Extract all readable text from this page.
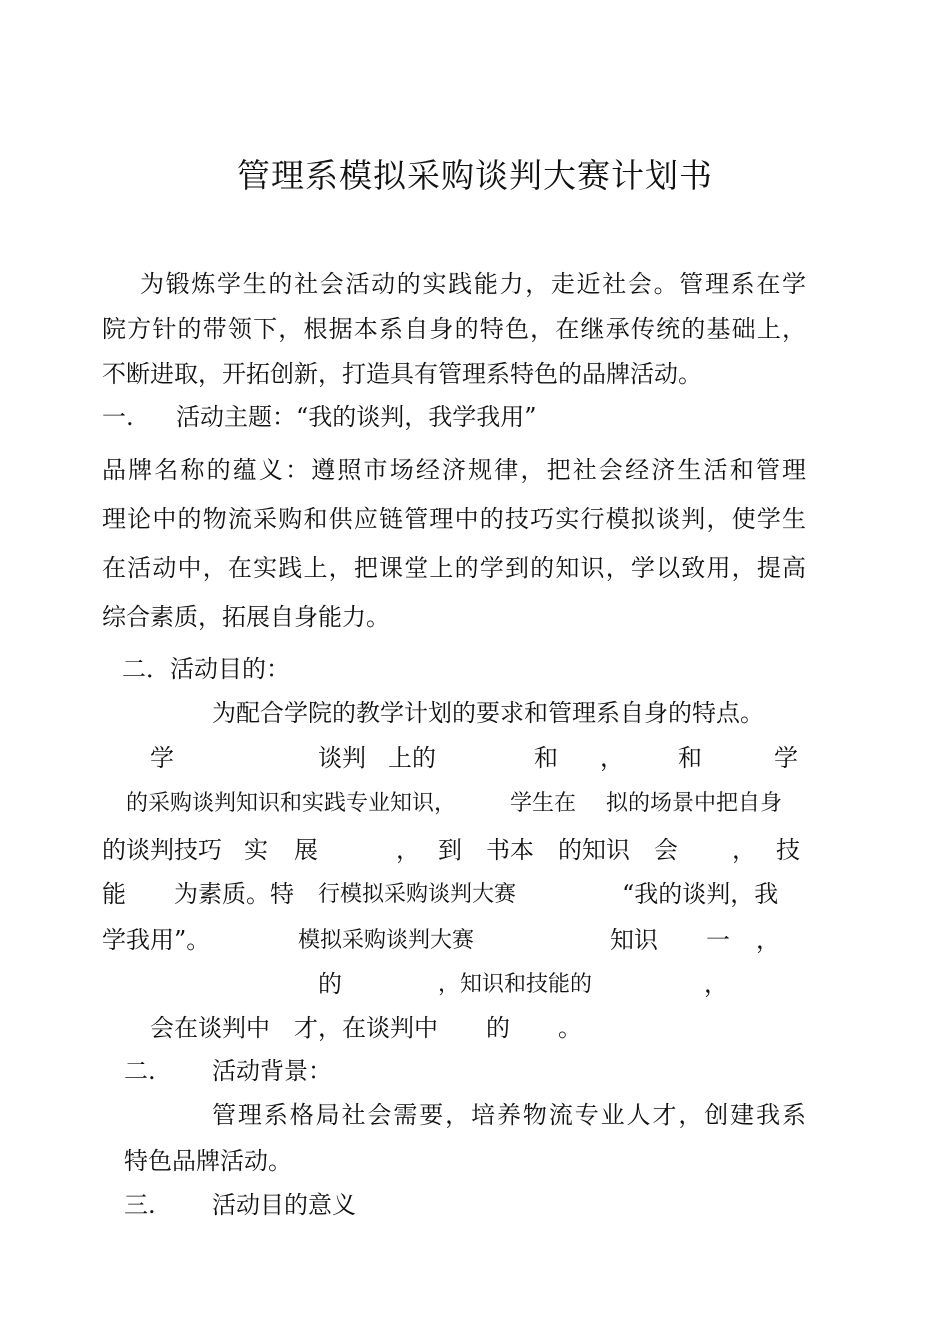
管理系模拟采购谈判大赛计划书
为锻炼学生的社会活动的实践能力，走近社会。管理系在学
院方针的带领下，根据本系自身的特色，在继承传统的基础上，
不断进取，开拓创新，打造具有管理系特色的品牌活动。
一. 活动主题：“我的谈判，我学我用”
品牌名称的蕴义：遵照市场经济规律，把社会经济生活和管理
理论中的物流采购和供应链管理中的技巧实行模拟谈判，使学生
在活动中，在实践上，把课堂上的学到的知识，学以致用，提高
综合素质，拓展自身能力。
二．活动目的：
为配合学院的教学计划的要求和管理系自身的特点。
学	谈判 上的	和 ， 和	学
的采购谈判知识和实践专业知识， 学生在 拟的场景中把自身
的谈判技巧 实 展	， 到 书本 的知识 会 ， 技
能 为素质。特 行模拟采购谈判大赛	“我的谈判，我
学我用”。	模拟采购谈判大赛	知识 一 ，
的	，知识和技能的	，
会在谈判中 才，在谈判中 的 。
二. 活动背景：
管理系格局社会需要，培养物流专业人才，创建我系
特色品牌活动。
三. 活动目的意义
